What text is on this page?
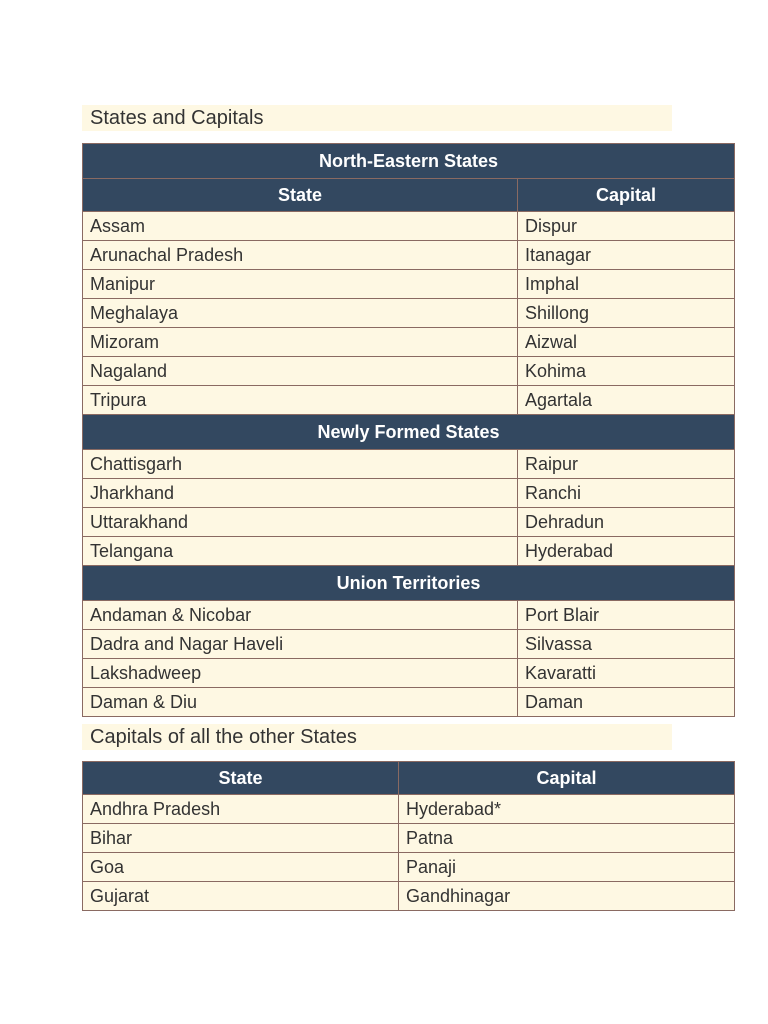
States and Capitals
North-Eastern States	
State	Capital
Assam	Dispur
Arunachal Pradesh	Itanagar
Manipur	Imphal
Meghalaya	Shillong
Mizoram	Aizwal
Nagaland	Kohima
Tripura	Agartala
Newly Formed States	
Chattisgarh	Raipur
Jharkhand	Ranchi
Uttarakhand	Dehradun
Telangana	Hyderabad
Union Territories	
Andaman & Nicobar	Port Blair
Dadra and Nagar Haveli	Silvassa
Lakshadweep	Kavaratti
Daman & Diu	Daman
Capitals of all the other States
State	Capital
Andhra Pradesh	Hyderabad*
Bihar	Patna
Goa	Panaji
Gujarat	Gandhinagar
